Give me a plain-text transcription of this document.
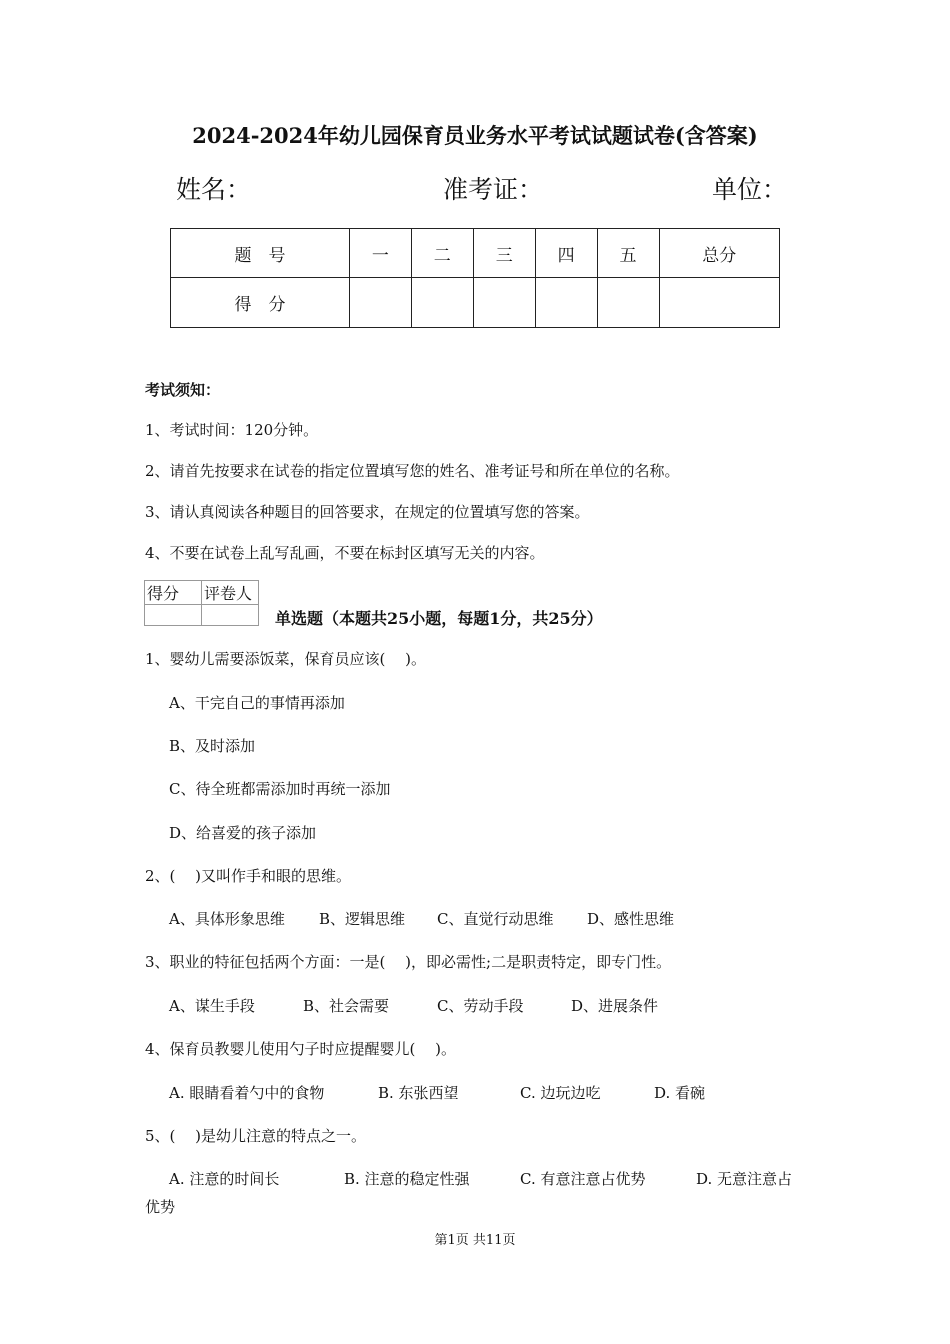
2024-2024年幼儿园保育员业务水平考试试题试卷(含答案)
姓名：	准考证：	单位：
题　号	一	二	三	四	五	总分
得　分						
考试须知：
1、考试时间：120分钟。
2、请首先按要求在试卷的指定位置填写您的姓名、准考证号和所在单位的名称。
3、请认真阅读各种题目的回答要求，在规定的位置填写您的答案。
4、不要在试卷上乱写乱画，不要在标封区填写无关的内容。
得分	评卷人

单选题（本题共25小题，每题1分，共25分）
1、婴幼儿需要添饭菜，保育员应该(　 )。
A、干完自己的事情再添加
B、及时添加
C、待全班都需添加时再统一添加
D、给喜爱的孩子添加
2、(　 )又叫作手和眼的思维。
A、具体形象思维 B、逻辑思维 C、直觉行动思维 D、感性思维
3、职业的特征包括两个方面：一是(　 )，即必需性;二是职责特定，即专门性。
A、谋生手段	B、社会需要	C、劳动手段	D、进展条件
4、保育员教婴儿使用勺子时应提醒婴儿(　 )。
A. 眼睛看着勺中的食物	B. 东张西望	C. 边玩边吃	D. 看碗
5、(　 )是幼儿注意的特点之一。
A. 注意的时间长	B. 注意的稳定性强	C. 有意注意占优势	D. 无意注意占
优势
第1页 共11页
